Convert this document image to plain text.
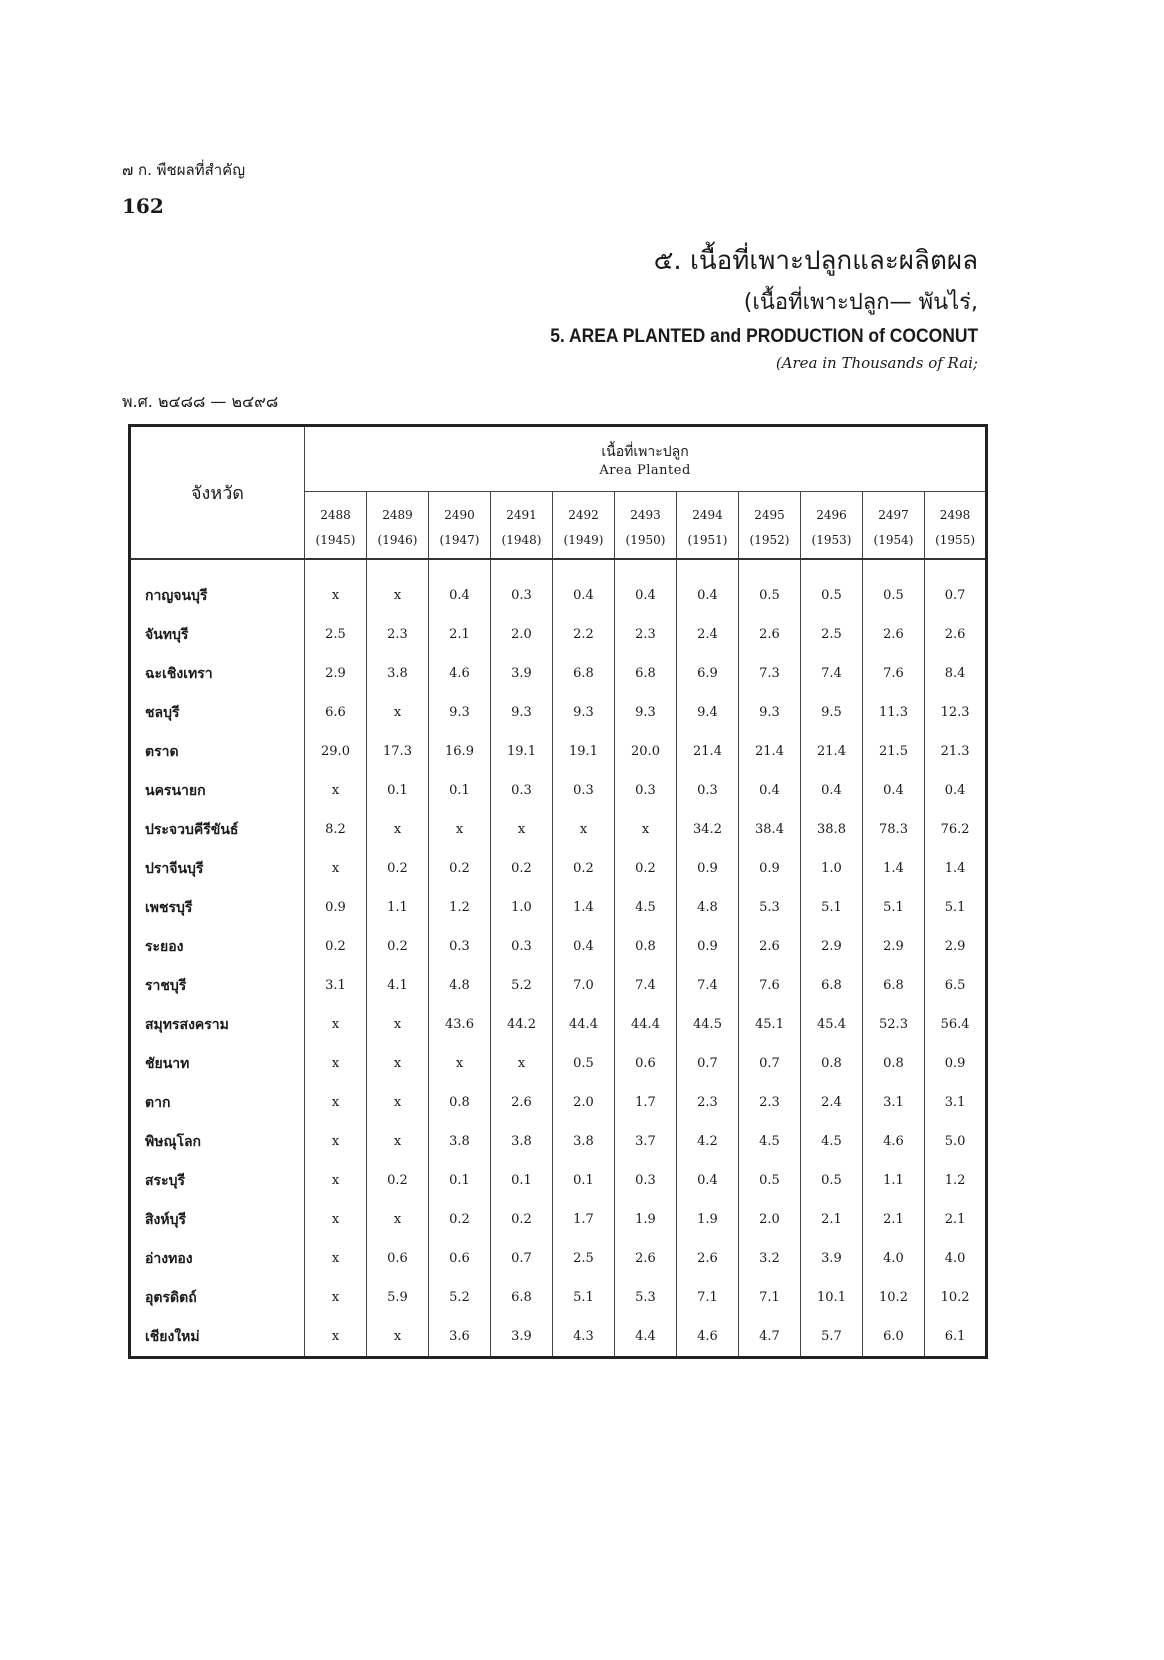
๗ ก. พืชผลที่สำคัญ
162
๕. เนื้อที่เพาะปลูกและผลิตผล
(เนื้อที่เพาะปลูก— พันไร่,
5. AREA PLANTED and PRODUCTION of COCONUT
(Area in Thousands of Rai;
พ.ศ. ๒๔๘๘ — ๒๔๙๘
จังหวัด	เนื้อที่เพาะปลูก
Area Planted										

	2488	2489	2490	2491	2492	2493	2494	2495	2496	2497	2498
	(1945)	(1946)	(1947)	(1948)	(1949)	(1950)	(1951)	(1952)	(1953)	(1954)	(1955)

กาญจนบุรี	x	x	0.4	0.3	0.4	0.4	0.4	0.5	0.5	0.5	0.7
จันทบุรี	2.5	2.3	2.1	2.0	2.2	2.3	2.4	2.6	2.5	2.6	2.6
ฉะเชิงเทรา	2.9	3.8	4.6	3.9	6.8	6.8	6.9	7.3	7.4	7.6	8.4
ชลบุรี	6.6	x	9.3	9.3	9.3	9.3	9.4	9.3	9.5	11.3	12.3
ตราด	29.0	17.3	16.9	19.1	19.1	20.0	21.4	21.4	21.4	21.5	21.3
นครนายก	x	0.1	0.1	0.3	0.3	0.3	0.3	0.4	0.4	0.4	0.4
ประจวบคีรีขันธ์	8.2	x	x	x	x	x	34.2	38.4	38.8	78.3	76.2
ปราจีนบุรี	x	0.2	0.2	0.2	0.2	0.2	0.9	0.9	1.0	1.4	1.4
เพชรบุรี	0.9	1.1	1.2	1.0	1.4	4.5	4.8	5.3	5.1	5.1	5.1
ระยอง	0.2	0.2	0.3	0.3	0.4	0.8	0.9	2.6	2.9	2.9	2.9
ราชบุรี	3.1	4.1	4.8	5.2	7.0	7.4	7.4	7.6	6.8	6.8	6.5
สมุทรสงคราม	x	x	43.6	44.2	44.4	44.4	44.5	45.1	45.4	52.3	56.4
ชัยนาท	x	x	x	x	0.5	0.6	0.7	0.7	0.8	0.8	0.9
ตาก	x	x	0.8	2.6	2.0	1.7	2.3	2.3	2.4	3.1	3.1
พิษณุโลก	x	x	3.8	3.8	3.8	3.7	4.2	4.5	4.5	4.6	5.0
สระบุรี	x	0.2	0.1	0.1	0.1	0.3	0.4	0.5	0.5	1.1	1.2
สิงห์บุรี	x	x	0.2	0.2	1.7	1.9	1.9	2.0	2.1	2.1	2.1
อ่างทอง	x	0.6	0.6	0.7	2.5	2.6	2.6	3.2	3.9	4.0	4.0
อุตรดิตถ์	x	5.9	5.2	6.8	5.1	5.3	7.1	7.1	10.1	10.2	10.2
เชียงใหม่	x	x	3.6	3.9	4.3	4.4	4.6	4.7	5.7	6.0	6.1
